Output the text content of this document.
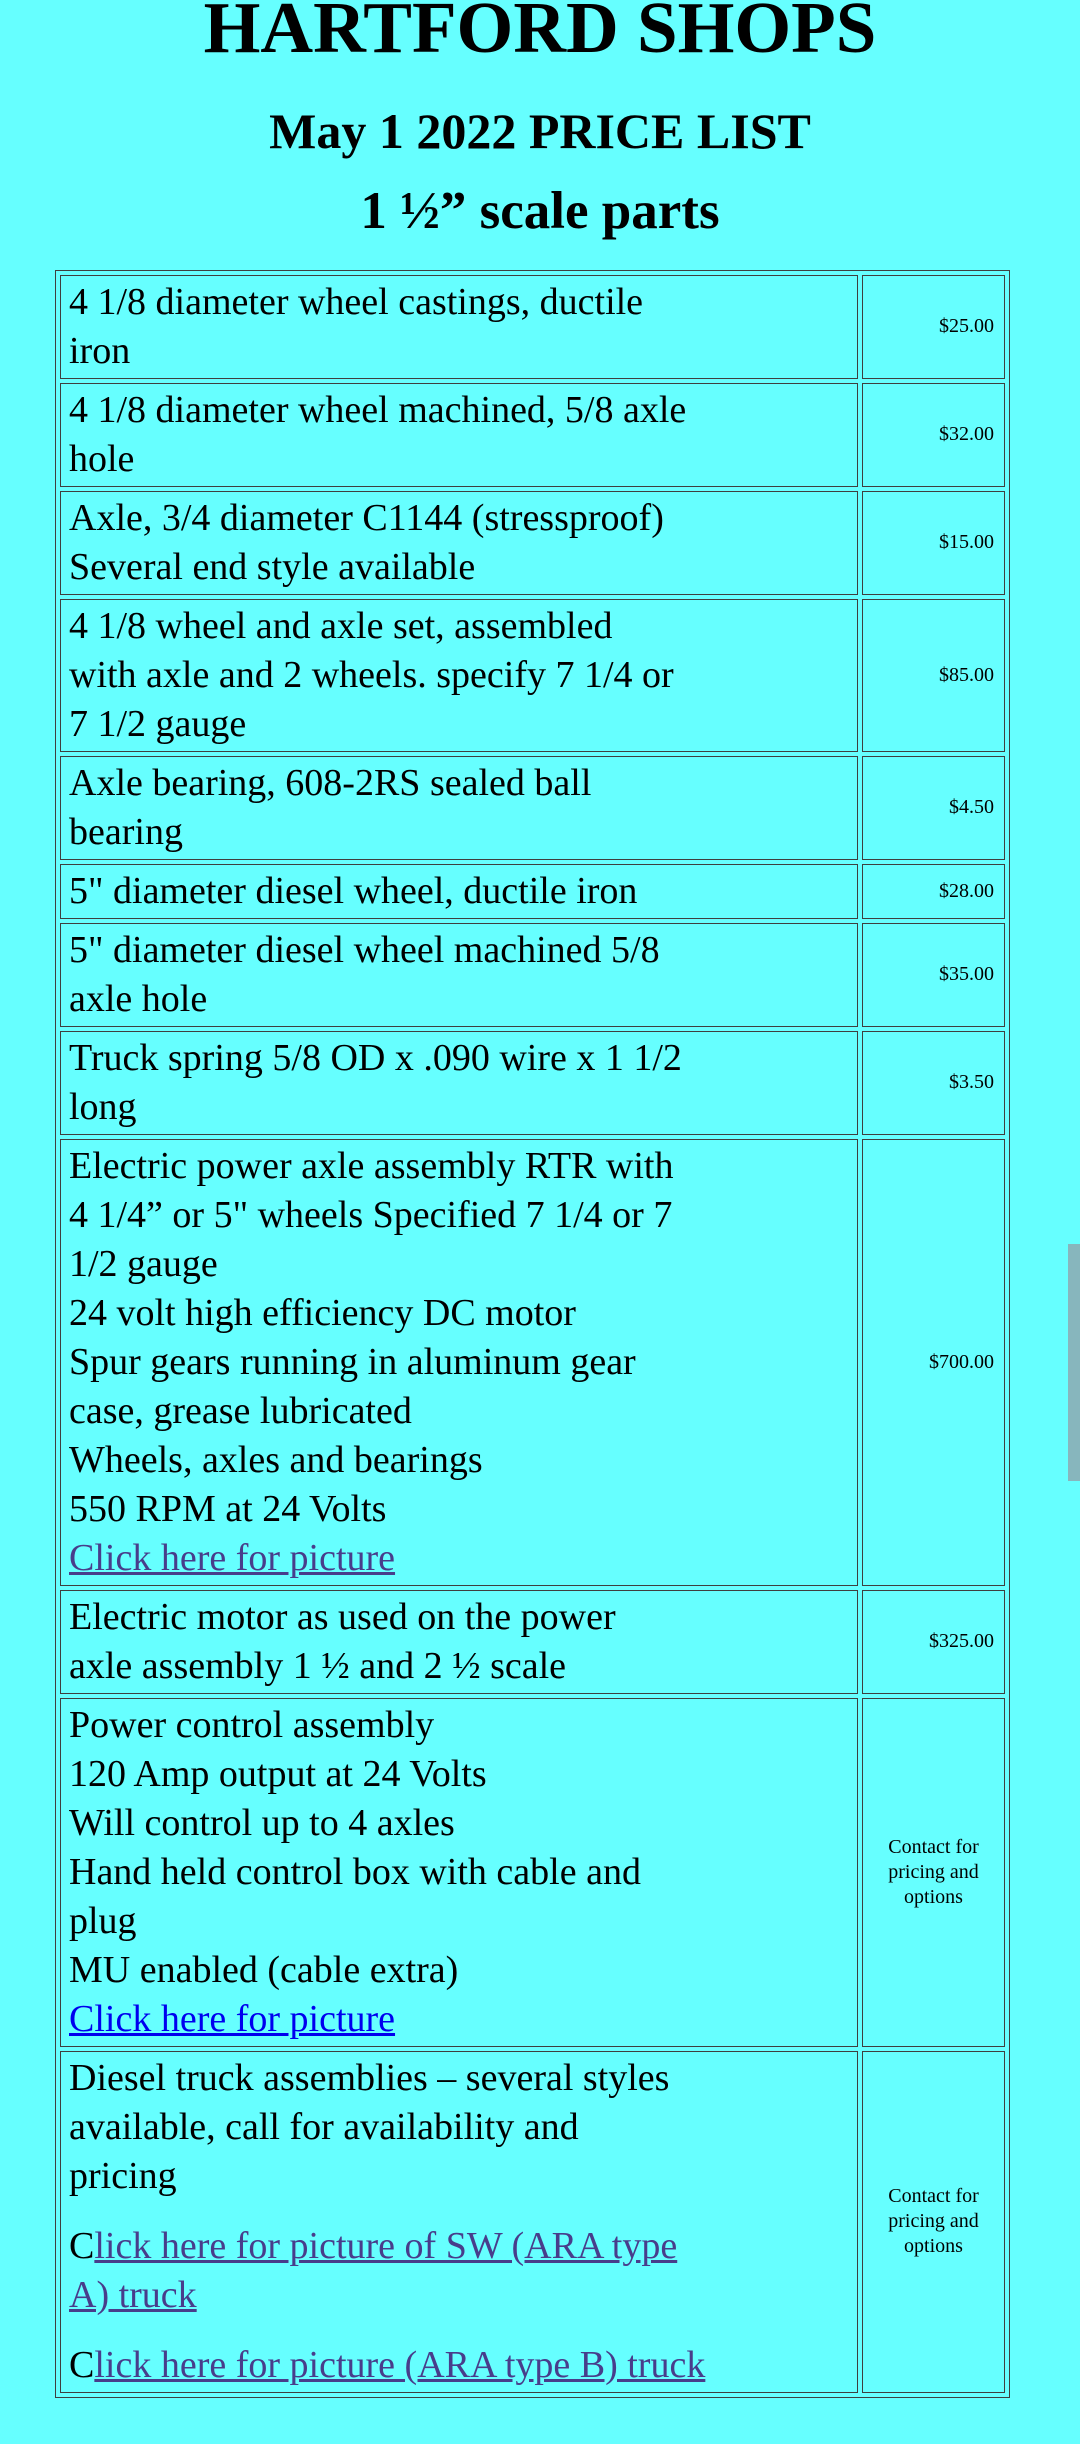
HARTFORD SHOPS
May 1 2022 PRICE LIST
1 ½” scale parts
4 1/8 diameter wheel castings, ductile
iron	$25.00

4 1/8 diameter wheel machined, 5/8 axle
hole	$32.00

Axle, 3/4 diameter C1144 (stressproof)
Several end style available	$15.00

4 1/8 wheel and axle set, assembled
with axle and 2 wheels. specify 7 1/4 or
7 1/2 gauge	$85.00

Axle bearing, 608-2RS sealed ball
bearing	$4.50

5" diameter diesel wheel, ductile iron	$28.00

5" diameter diesel wheel machined 5/8
axle hole	$35.00

Truck spring 5/8 OD x .090 wire x 1 1/2
long	$3.50

Electric power axle assembly RTR with
4 1/4” or 5" wheels Specified 7 1/4 or 7
1/2 gauge
24 volt high efficiency DC motor
Spur gears running in aluminum gear
case, grease lubricated
Wheels, axles and bearings
550 RPM at 24 Volts
Click here for picture
	$700.00

Electric motor as used on the power
axle assembly 1 ½ and 2 ½ scale	$325.00

Power control assembly
120 Amp output at 24 Volts
Will control up to 4 axles
Hand held control box with cable and
plug
MU enabled (cable extra)
Click here for picture
	Contact for pricing and options

Diesel truck assemblies – several styles
available, call for availability and
pricing
Click here for picture of SW (ARA type
A) truck
Click here for picture (ARA type B) truck
	Contact for pricing and options
